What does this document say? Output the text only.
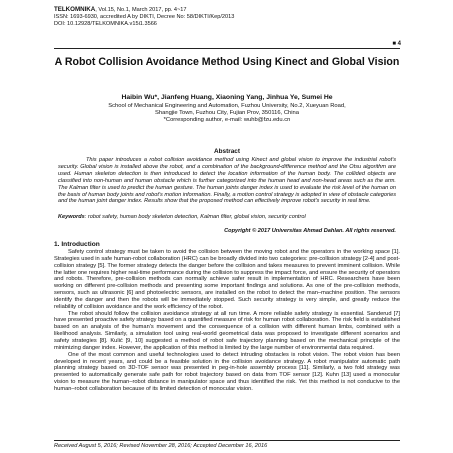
TELKOMNIKA, Vol.15, No.1, March 2017, pp. 4~17
ISSN: 1693-6930, accredited A by DIKTI, Decree No: 58/DIKTI/Kep/2013
DOI: 10.12928/TELKOMNIKA.v15i1.3566
■ 4
A Robot Collision Avoidance Method Using Kinect and Global Vision
Haibin Wu*, Jianfeng Huang, Xiaoning Yang, Jinhua Ye, Sumei He
School of Mechanical Engineering and Automation, Fuzhou University, No.2, Xueyuan Road,
Shangjie Town, Fuzhou City, Fujian Prov, 350116, China
*Corresponding author, e-mail: wuhb@fzu.edu.cn
Abstract
This paper introduces a robot collision avoidance method using Kinect and global vision to improve the industrial robot's security. Global vision is installed above the robot, and a combination of the background-difference method and the Otsu algorithm are used. Human skeleton detection is then introduced to detect the location information of the human body. The collided objects are classified into non-human and human obstacle which is further categorized into the human head and non-head areas such as the arm. The Kalman filter is used to predict the human gesture. The human joints danger index is used to evaluate the risk level of the human on the basis of human body joints and robot's motion information. Finally, a motion control strategy is adopted in view of obstacle categories and the human joint danger index. Results show that the proposed method can effectively improve robot's security in real time.
Keywords: robot safety, human body skeleton detection, Kalman filter, global vision, security control
Copyright © 2017 Universitas Ahmad Dahlan. All rights reserved.
1. Introduction

Safety control strategy must be taken to avoid the collision between the moving robot and the operators in the working space [1]. Strategies used in safe human-robot collaboration (HRC) can be broadly divided into two categories: pre-collision strategy [2-4] and post-collision strategy [5]. The former strategy detects the danger before the collision and takes measures to prevent imminent collision. While the latter one requires higher real-time performance during the collision to suppress the impact force, and ensure the security of operators and robots. Therefore, pre-collision methods can normally achieve safer result in implementation of HRC. Researchers have been working on different pre-collision methods and presenting some important findings and solutions. As one of the pre-collision methods, sensors, such as ultrasonic [6] and photoelectric sensors, are installed on the robot to detect the man–machine position. The sensors identify the danger and then the robots will be immediately stopped. Such security strategy is very simple, and greatly reduce the reliability of collision avoidance and the work efficiency of the robot.

The robot should follow the collision avoidance strategy at all run time. A more reliable safety strategy is essential. Sanderud [7] have presented proactive safety strategy based on a quantified measure of risk for human robot collaboration. The risk field is established based on an analysis of the human's movement and the consequence of a collision with different human limbs, combined with a likelihood analysis. Similarly, a simulation tool using real-world geometrical data was proposed to investigate different scenarios and safety strategies [8]. Kulić [9, 10] suggested a method of robot safe trajectory planning based on the mechanical principle of the minimizing danger index. However, the application of this method is limited by the large number of environmental data required.

One of the most common and useful technologies used to detect intruding obstacles is robot vision. The robot vision has been developed in recent years, and could be a feasible solution in the collision avoidance strategy. A robot manipulator automatic path planning strategy based on 3D-TOF sensor was presented in peg-in-hole assembly process [11]. Similarly, a two fold strategy was presented to automatically generate safe path for robot trajectory based on data from TOF sensor [12]. Kuhn [13] used a monocular vision to measure the human–robot distance in manipulator space and thus identified the risk. Yet this method is not conducive to the human–robot collaboration because of its limited detection of monocular vision.

Received August 5, 2016; Revised November 28, 2016; Accepted December 16, 2016
